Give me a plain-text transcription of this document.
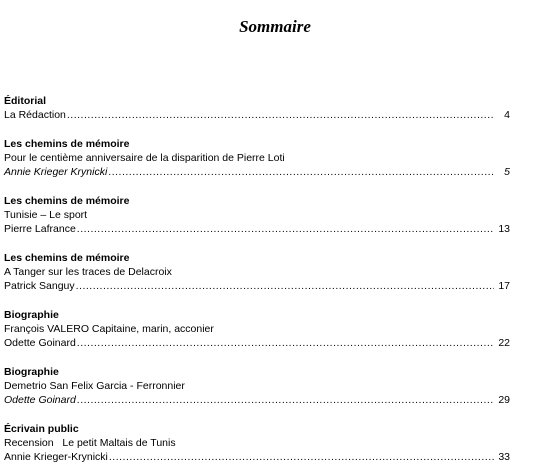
Sommaire
Éditorial
La Rédaction .....	4
Les chemins de mémoire
Pour le centième anniversaire de la disparition de Pierre Loti
Annie Krieger Krynicki .....	5
Les chemins de mémoire
Tunisie – Le sport
Pierre Lafrance .....	13
Les chemins de mémoire
A Tanger sur les traces de Delacroix
Patrick Sanguy .....	17
Biographie
François VALERO Capitaine, marin, acconier
Odette Goinard .....	22
Biographie
Demetrio San Felix Garcia - Ferronnier
Odette Goinard .....	29
Écrivain public
Recension   Le petit Maltais de Tunis
Annie Krieger-Krynicki .....	33
